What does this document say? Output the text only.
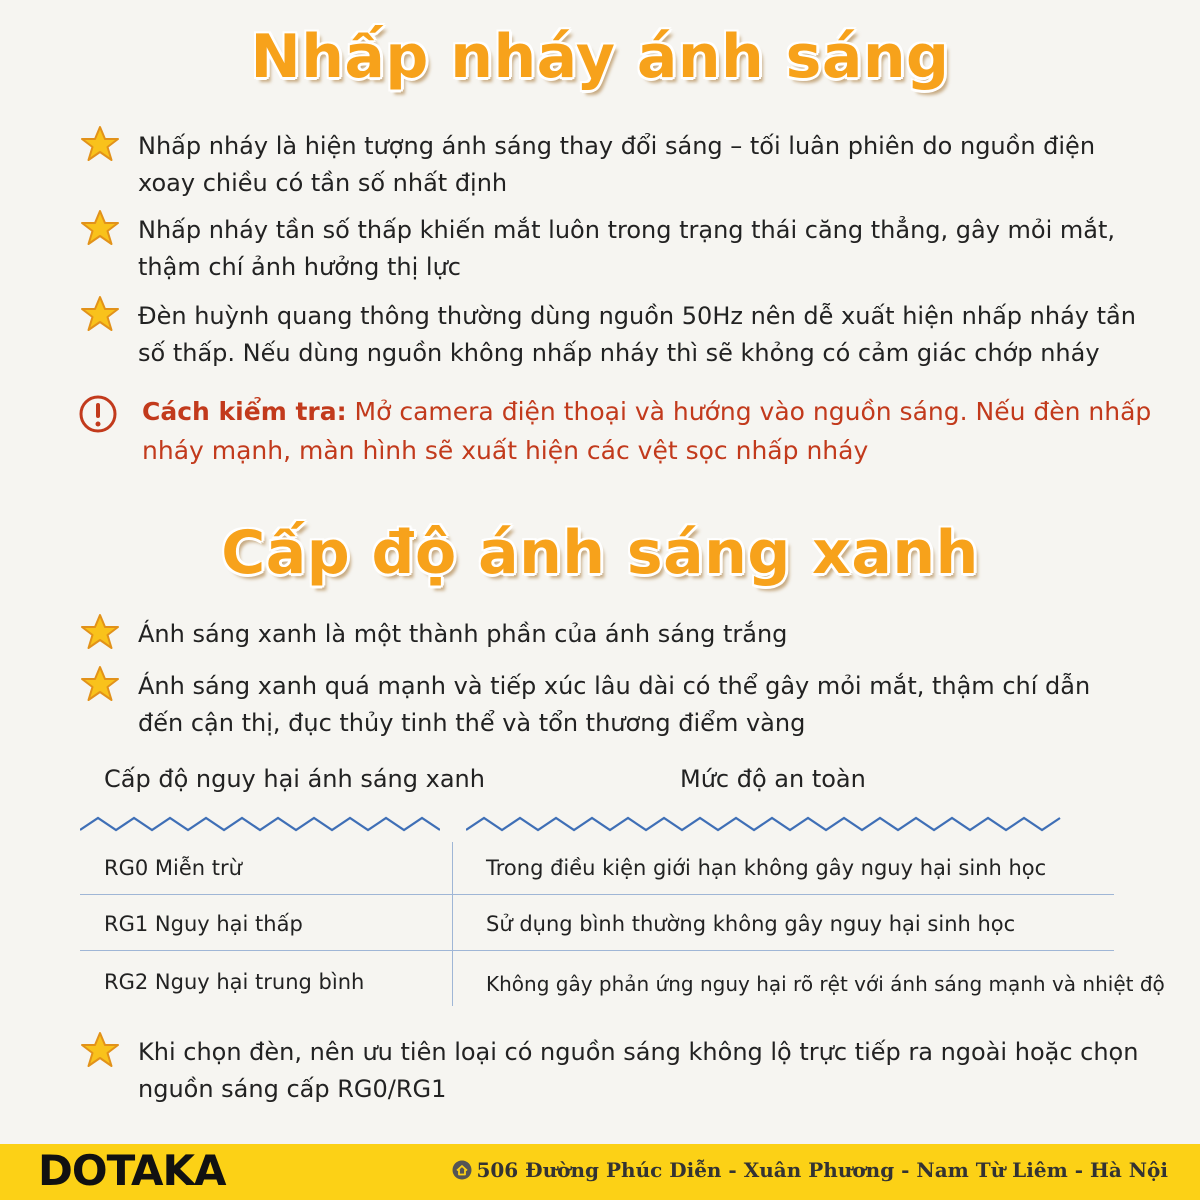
Nhấp nháy ánh sáng
Nhấp nháy là hiện tượng ánh sáng thay đổi sáng – tối luân phiên do nguồn điện xoay chiều có tần số nhất định
Nhấp nháy tần số thấp khiến mắt luôn trong trạng thái căng thẳng, gây mỏi mắt, thậm chí ảnh hưởng thị lực
Đèn huỳnh quang thông thường dùng nguồn 50Hz nên dễ xuất hiện nhấp nháy tần số thấp. Nếu dùng nguồn không nhấp nháy thì sẽ khỏng có cảm giác chớp nháy
Cách kiểm tra: Mở camera điện thoại và hướng vào nguồn sáng. Nếu đèn nhấp nháy mạnh, màn hình sẽ xuất hiện các vệt sọc nhấp nháy
Cấp độ ánh sáng xanh
Ánh sáng xanh là một thành phần của ánh sáng trắng
Ánh sáng xanh quá mạnh và tiếp xúc lâu dài có thể gây mỏi mắt, thậm chí dẫn đến cận thị, đục thủy tinh thể và tổn thương điểm vàng
Cấp độ nguy hại ánh sáng xanh	Mức độ an toàn
RG0 Miễn trừ	Trong điều kiện giới hạn không gây nguy hại sinh học
RG1 Nguy hại thấp	Sử dụng bình thường không gây nguy hại sinh học
RG2 Nguy hại trung bình	Không gây phản ứng nguy hại rõ rệt với ánh sáng mạnh và nhiệt độ
Khi chọn đèn, nên ưu tiên loại có nguồn sáng không lộ trực tiếp ra ngoài hoặc chọn nguồn sáng cấp RG0/RG1
DOTAKA	506 Đường Phúc Diễn - Xuân Phương - Nam Từ Liêm - Hà Nội
